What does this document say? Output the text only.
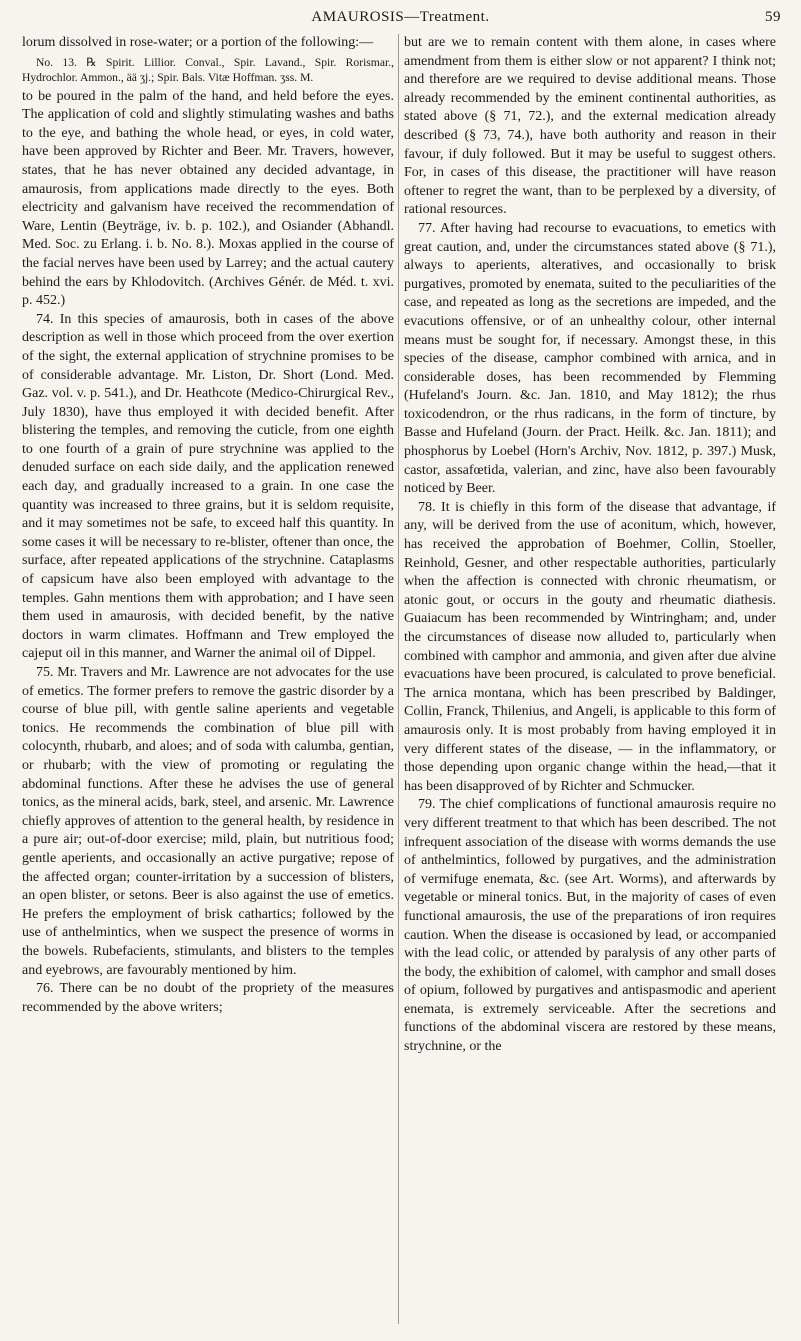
AMAUROSIS—Treatment.	59

lorum dissolved in rose-water; or a portion of the following:—

No. 13. ℞ Spirit. Lillior. Conval., Spir. Lavand., Spir. Rorismar., Hydrochlor. Ammon., ää ʒj.; Spir. Bals. Vitæ Hoffman. ʒss. M.

to be poured in the palm of the hand, and held before the eyes. The application of cold and slightly stimulating washes and baths to the eye, and bathing the whole head, or eyes, in cold water, have been approved by Richter and Beer. Mr. Travers, however, states, that he has never obtained any decided advantage, in amaurosis, from applications made directly to the eyes. Both electricity and galvanism have received the recommendation of Ware, Lentin (Beyträge, iv. b. p. 102.), and Osiander (Abhandl. Med. Soc. zu Erlang. i. b. No. 8.). Moxas applied in the course of the facial nerves have been used by Larrey; and the actual cautery behind the ears by Khlodovitch. (Archives Génér. de Méd. t. xvi. p. 452.)

74. In this species of amaurosis, both in cases of the above description as well in those which proceed from the over exertion of the sight, the external application of strychnine promises to be of considerable advantage. Mr. Liston, Dr. Short (Lond. Med. Gaz. vol. v. p. 541.), and Dr. Heathcote (Medico-Chirurgical Rev., July 1830), have thus employed it with decided benefit. After blistering the temples, and removing the cuticle, from one eighth to one fourth of a grain of pure strychnine was applied to the denuded surface on each side daily, and the application renewed each day, and gradually increased to a grain. In one case the quantity was increased to three grains, but it is seldom requisite, and it may sometimes not be safe, to exceed half this quantity. In some cases it will be necessary to re-blister, oftener than once, the surface, after repeated applications of the strychnine. Cataplasms of capsicum have also been employed with advantage to the temples. Gahn mentions them with approbation; and I have seen them used in amaurosis, with decided benefit, by the native doctors in warm climates. Hoffmann and Trew employed the cajeput oil in this manner, and Warner the animal oil of Dippel.

75. Mr. Travers and Mr. Lawrence are not advocates for the use of emetics. The former prefers to remove the gastric disorder by a course of blue pill, with gentle saline aperients and vegetable tonics. He recommends the combination of blue pill with colocynth, rhubarb, and aloes; and of soda with calumba, gentian, or rhubarb; with the view of promoting or regulating the abdominal functions. After these he advises the use of general tonics, as the mineral acids, bark, steel, and arsenic. Mr. Lawrence chiefly approves of attention to the general health, by residence in a pure air; out-of-door exercise; mild, plain, but nutritious food; gentle aperients, and occasionally an active purgative; repose of the affected organ; counter-irritation by a succession of blisters, an open blister, or setons. Beer is also against the use of emetics. He prefers the employment of brisk cathartics; followed by the use of anthelmintics, when we suspect the presence of worms in the bowels. Rubefacients, stimulants, and blisters to the temples and eyebrows, are favourably mentioned by him.

76. There can be no doubt of the propriety of the measures recommended by the above writers;

but are we to remain content with them alone, in cases where amendment from them is either slow or not apparent? I think not; and therefore are we required to devise additional means. Those already recommended by the eminent continental authorities, as stated above (§ 71, 72.), and the external medication already described (§ 73, 74.), have both authority and reason in their favour, if duly followed. But it may be useful to suggest others. For, in cases of this disease, the practitioner will have reason oftener to regret the want, than to be perplexed by a diversity, of rational resources.

77. After having had recourse to evacuations, to emetics with great caution, and, under the circumstances stated above (§ 71.), always to aperients, alteratives, and occasionally to brisk purgatives, promoted by enemata, suited to the peculiarities of the case, and repeated as long as the secretions are impeded, and the evacutions offensive, or of an unhealthy colour, other internal means must be sought for, if necessary. Amongst these, in this species of the disease, camphor combined with arnica, and in considerable doses, has been recommended by Flemming (Hufeland's Journ. &c. Jan. 1810, and May 1812); the rhus toxicodendron, or the rhus radicans, in the form of tincture, by Basse and Hufeland (Journ. der Pract. Heilk. &c. Jan. 1811); and phosphorus by Loebel (Horn's Archiv, Nov. 1812, p. 397.) Musk, castor, assafœtida, valerian, and zinc, have also been favourably noticed by Beer.

78. It is chiefly in this form of the disease that advantage, if any, will be derived from the use of aconitum, which, however, has received the approbation of Boehmer, Collin, Stoeller, Reinhold, Gesner, and other respectable authorities, particularly when the affection is connected with chronic rheumatism, or atonic gout, or occurs in the gouty and rheumatic diathesis. Guaiacum has been recommended by Wintringham; and, under the circumstances of disease now alluded to, particularly when combined with camphor and ammonia, and given after due alvine evacuations have been procured, is calculated to prove beneficial. The arnica montana, which has been prescribed by Baldinger, Collin, Franck, Thilenius, and Angeli, is applicable to this form of amaurosis only. It is most probably from having employed it in very different states of the disease, — in the inflammatory, or those depending upon organic change within the head,—that it has been disapproved of by Richter and Schmucker.

79. The chief complications of functional amaurosis require no very different treatment to that which has been described. The not infrequent association of the disease with worms demands the use of anthelmintics, followed by purgatives, and the administration of vermifuge enemata, &c. (see Art. Worms), and afterwards by vegetable or mineral tonics. But, in the majority of cases of even functional amaurosis, the use of the preparations of iron requires caution. When the disease is occasioned by lead, or accompanied with the lead colic, or attended by paralysis of any other parts of the body, the exhibition of calomel, with camphor and small doses of opium, followed by purgatives and antispasmodic and aperient enemata, is extremely serviceable. After the secretions and functions of the abdominal viscera are restored by these means, strychnine, or the
